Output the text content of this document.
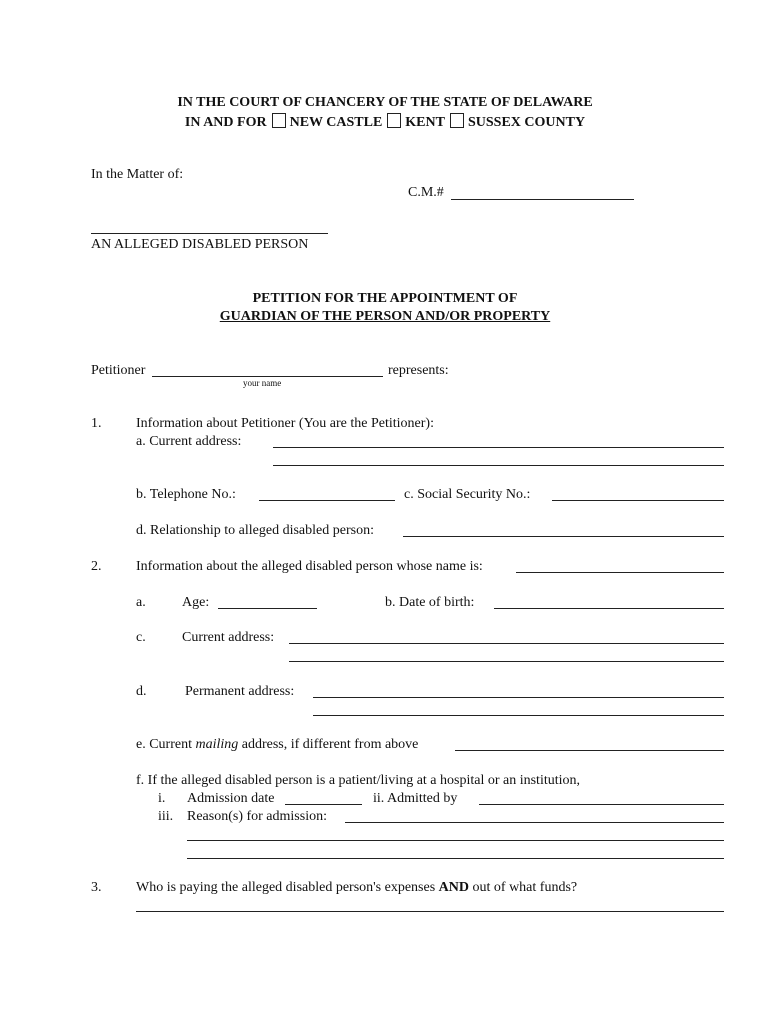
IN THE COURT OF CHANCERY OF THE STATE OF DELAWARE
IN AND FOR NEW CASTLE KENT SUSSEX COUNTY
In the Matter of:
C.M.#
AN ALLEGED DISABLED PERSON
PETITION FOR THE APPOINTMENT OF
GUARDIAN OF THE PERSON AND/OR PROPERTY
Petitioner	represents:
your name
1. Information about Petitioner (You are the Petitioner):
a. Current address:
b. Telephone No.:	c. Social Security No.:
d. Relationship to alleged disabled person:
2. Information about the alleged disabled person whose name is:
a.	Age:	b. Date of birth:
c.	Current address:
d.	Permanent address:
e. Current mailing address, if different from above
f. If the alleged disabled person is a patient/living at a hospital or an institution,
i. Admission date	ii. Admitted by
iii. Reason(s) for admission:
3. Who is paying the alleged disabled person's expenses AND out of what funds?
